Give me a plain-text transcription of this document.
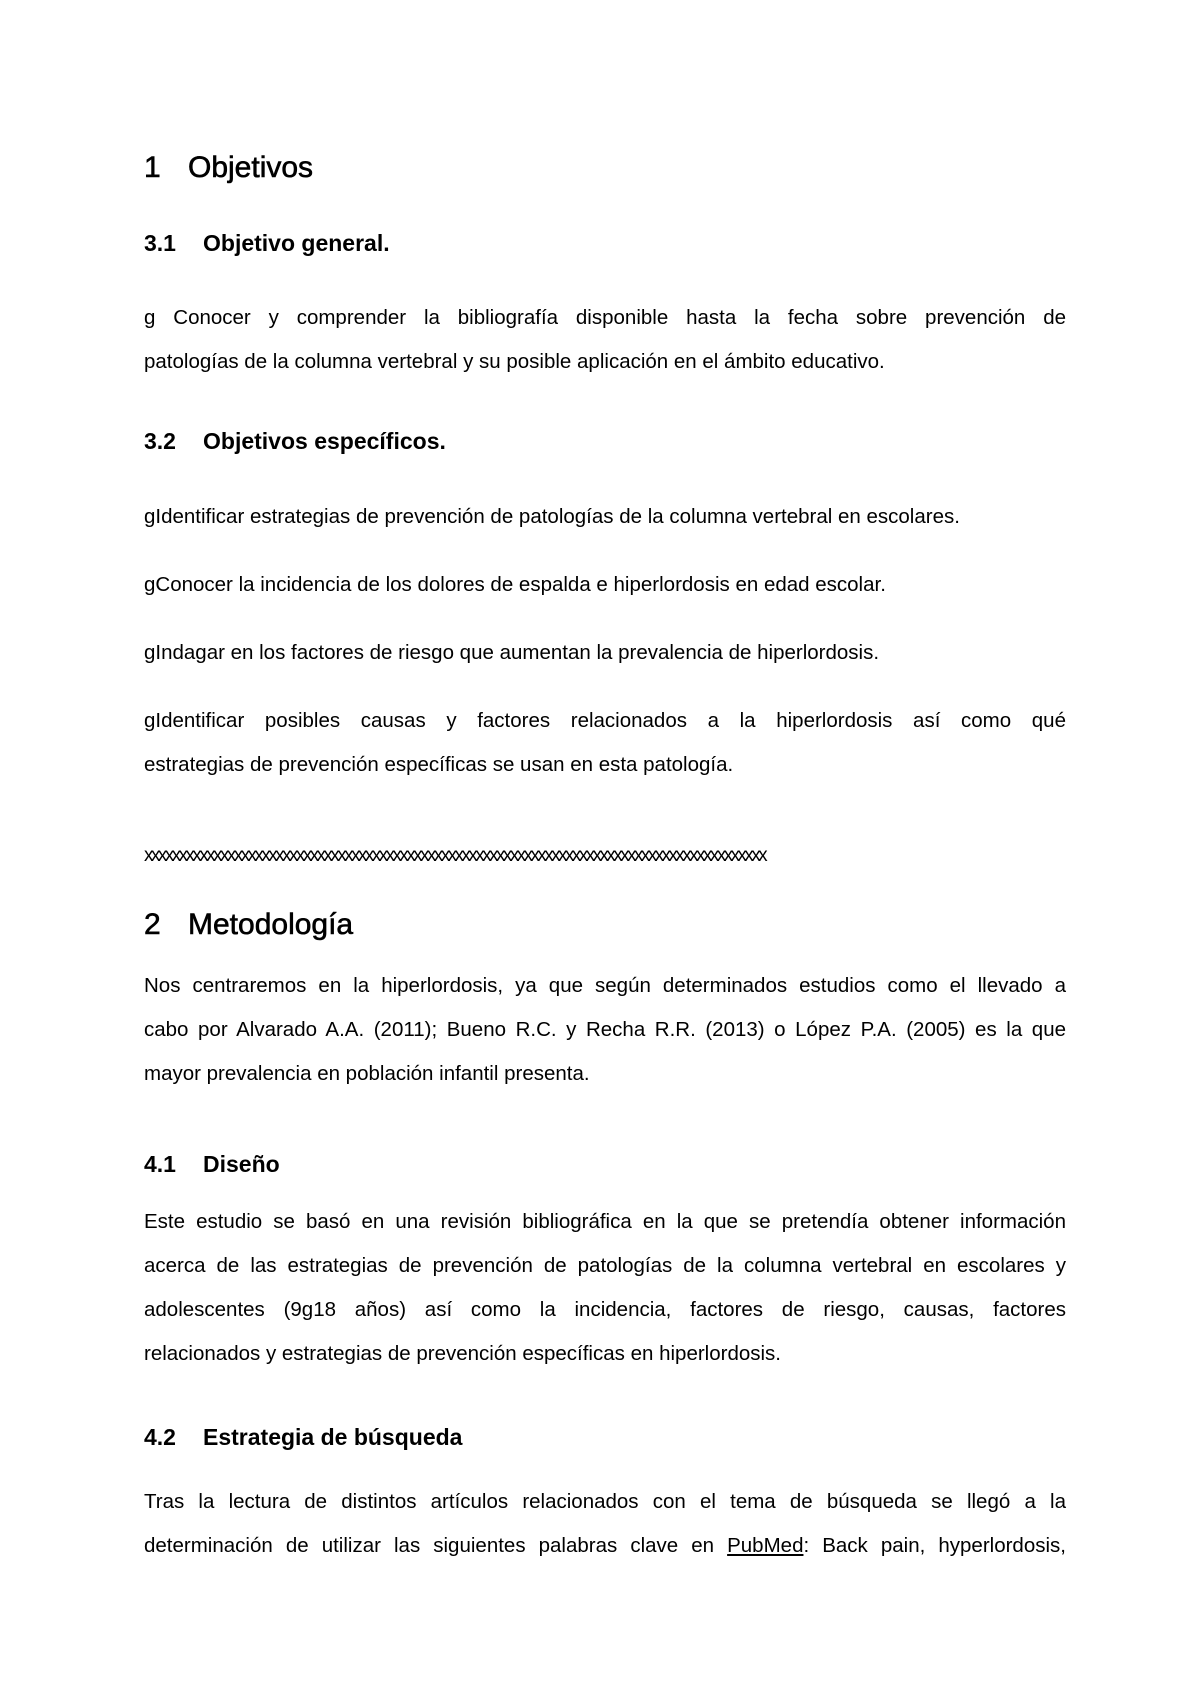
1 Objetivos
3.1 Objetivo general.
g Conocer y comprender la bibliografía disponible hasta la fecha sobre prevención de
patologías de la columna vertebral y su posible aplicación en el ámbito educativo.
3.2 Objetivos específicos.
gIdentificar estrategias de prevención de patologías de la columna vertebral en escolares.
gConocer la incidencia de los dolores de espalda e hiperlordosis en edad escolar.
gIndagar en los factores de riesgo que aumentan la prevalencia de hiperlordosis.
gIdentificar posibles causas y factores relacionados a la hiperlordosis así como qué
estrategias de prevención específicas se usan en esta patología.
xxxxxxxxxxxxxxxxxxxxxxxxxxxxxxxxxxxxxxxxxxxxxxxxxxxxxxxxxxxxxxxxxxxxxxxxxxxxxxxxxxxxxxxxxx
2 Metodología
Nos centraremos en la hiperlordosis, ya que según determinados estudios como el llevado a
cabo por Alvarado A.A. (2011); Bueno R.C. y Recha R.R. (2013) o López P.A. (2005) es la que
mayor prevalencia en población infantil presenta.
4.1 Diseño
Este estudio se basó en una revisión bibliográfica en la que se pretendía obtener información
acerca de las estrategias de prevención de patologías de la columna vertebral en escolares y
adolescentes (9g18 años) así como la incidencia, factores de riesgo, causas, factores
relacionados y estrategias de prevención específicas en hiperlordosis.
4.2 Estrategia de búsqueda
Tras la lectura de distintos artículos relacionados con el tema de búsqueda se llegó a la
determinación de utilizar las siguientes palabras clave en PubMed: Back pain, hyperlordosis,
